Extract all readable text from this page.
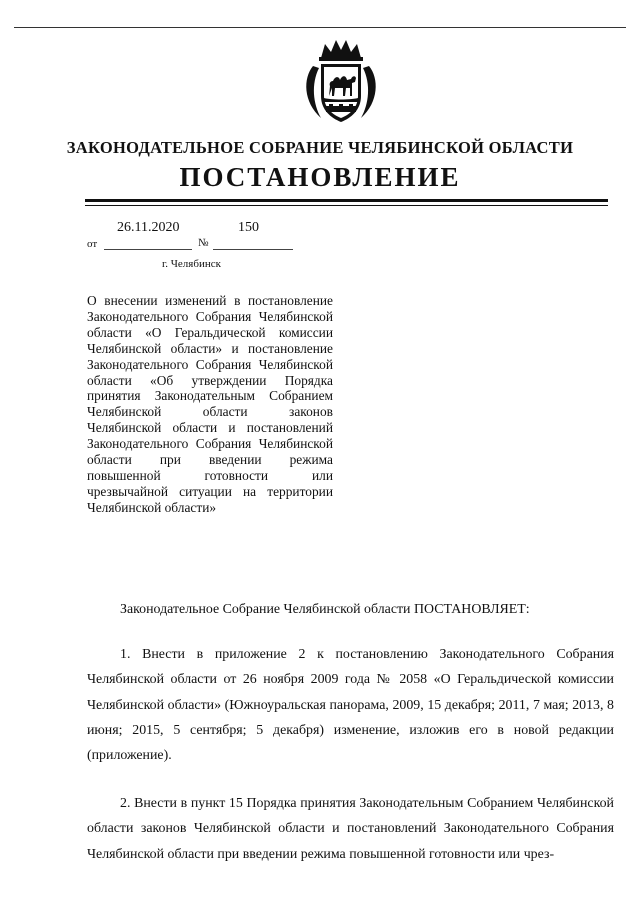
ЗАКОНОДАТЕЛЬНОЕ СОБРАНИЕ ЧЕЛЯБИНСКОЙ ОБЛАСТИ
ПОСТАНОВЛЕНИЕ
от
26.11.2020
№
150
г. Челябинск
О внесении изменений в постановление Законодательного Собрания Челябинской области «О Геральдической комиссии Челябинской области» и постановление Законодательного Собрания Челябинской области «Об утверждении Порядка принятия Законодательным Собранием Челябинской области законов Челябинской области и постановлений Законодательного Собрания Челябинской области при введении режима повышенной готовности или чрезвычайной ситуации на территории Челябинской области»
Законодательное Собрание Челябинской области ПОСТАНОВЛЯЕТ:
1. Внести в приложение 2 к постановлению Законодательного Собрания Челябинской области от 26 ноября 2009 года № 2058 «О Геральдической комиссии Челябинской области» (Южноуральская панорама, 2009, 15 декабря; 2011, 7 мая; 2013, 8 июня; 2015, 5 сентября; 5 декабря) изменение, изложив его в новой редакции (приложение).
2. Внести в пункт 15 Порядка принятия Законодательным Собранием Челябинской области законов Челябинской области и постановлений Законодательного Собрания Челябинской области при введении режима повышенной готовности или чрез-
